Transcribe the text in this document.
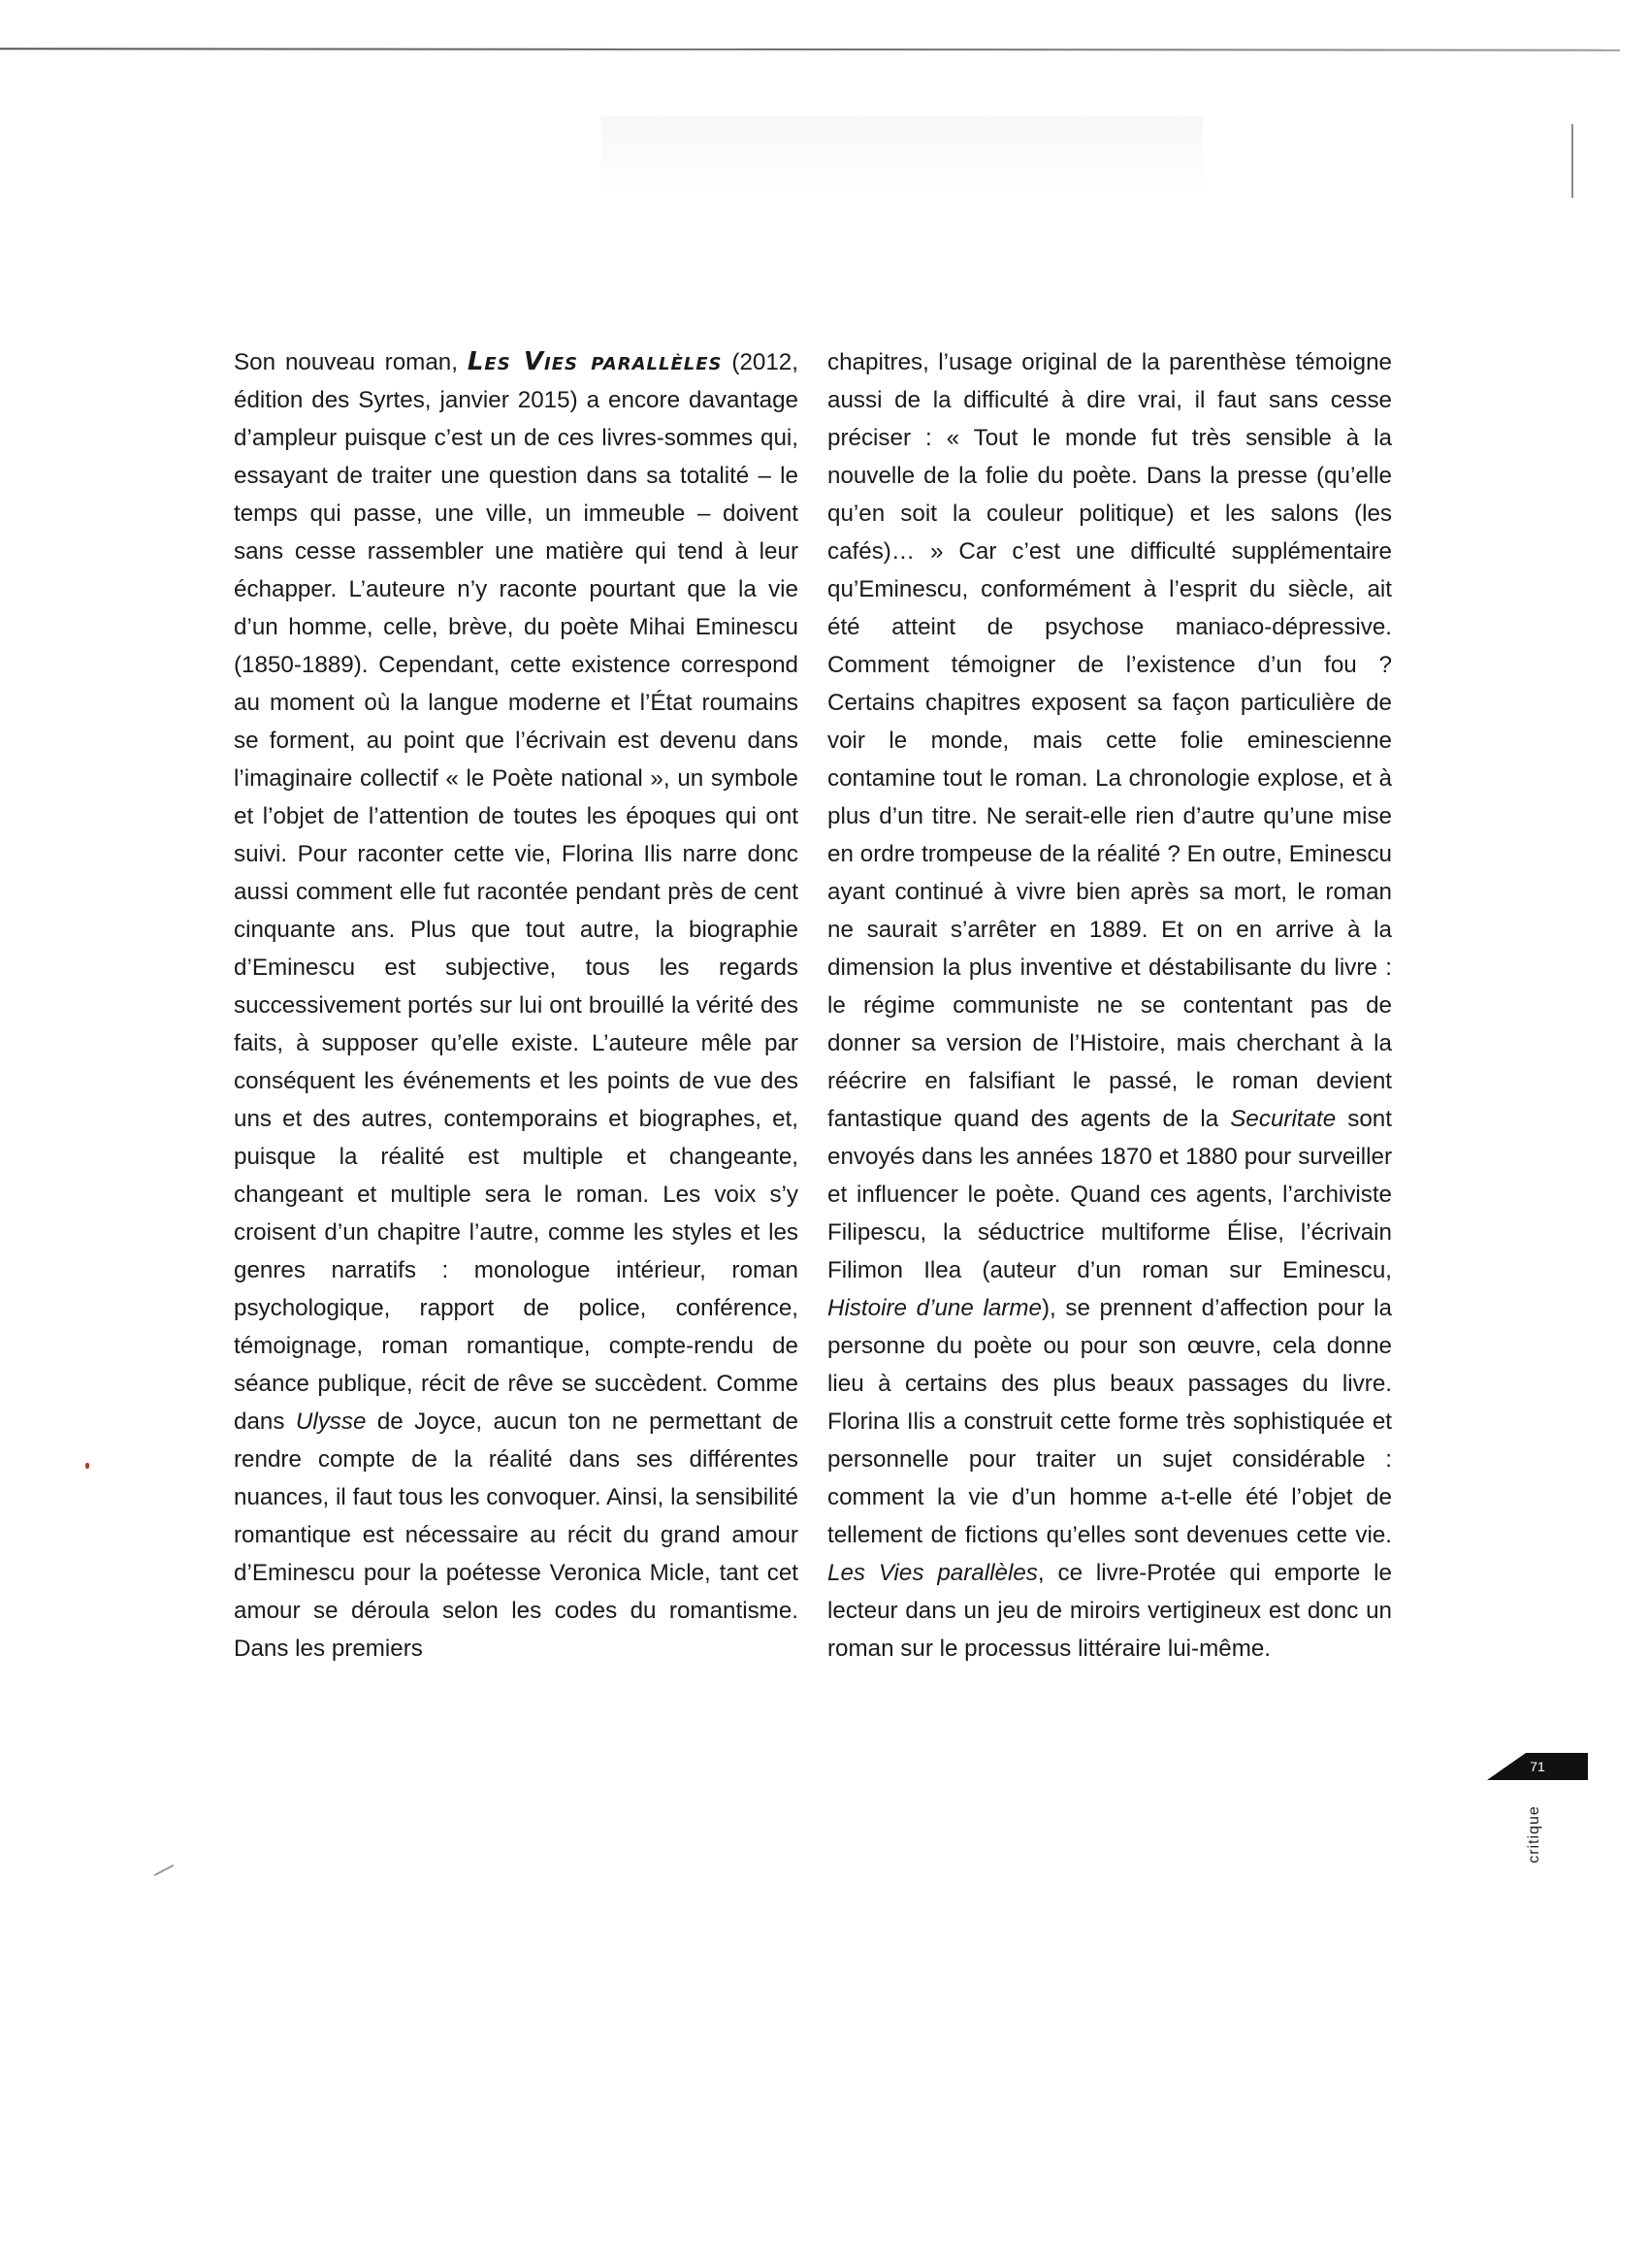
Son nouveau roman, Les Vies parallèles (2012, édition des Syrtes, janvier 2015) a encore davantage d’ampleur puisque c’est un de ces livres-sommes qui, essayant de traiter une question dans sa totalité – le temps qui passe, une ville, un immeuble – doivent sans cesse rassembler une matière qui tend à leur échapper. L’auteure n’y raconte pourtant que la vie d’un homme, celle, brève, du poète Mihai Eminescu (1850-1889). Cependant, cette existence correspond au moment où la langue moderne et l’État roumains se forment, au point que l’écrivain est devenu dans l’imaginaire collectif « le Poète national », un symbole et l’objet de l’attention de toutes les époques qui ont suivi. Pour raconter cette vie, Florina Ilis narre donc aussi comment elle fut racontée pendant près de cent cinquante ans. Plus que tout autre, la biographie d’Eminescu est subjective, tous les regards successivement portés sur lui ont brouillé la vérité des faits, à supposer qu’elle existe. L’auteure mêle par conséquent les événements et les points de vue des uns et des autres, contemporains et biographes, et, puisque la réalité est multiple et changeante, changeant et multiple sera le roman. Les voix s’y croisent d’un chapitre l’autre, comme les styles et les genres narratifs : monologue intérieur, roman psychologique, rapport de police, conférence, témoignage, roman romantique, compte-rendu de séance publique, récit de rêve se succèdent. Comme dans Ulysse de Joyce, aucun ton ne permettant de rendre compte de la réalité dans ses différentes nuances, il faut tous les convoquer. Ainsi, la sensibilité romantique est nécessaire au récit du grand amour d’Eminescu pour la poétesse Veronica Micle, tant cet amour se déroula selon les codes du romantisme. Dans les premiers

chapitres, l’usage original de la parenthèse témoigne aussi de la difficulté à dire vrai, il faut sans cesse préciser : « Tout le monde fut très sensible à la nouvelle de la folie du poète. Dans la presse (qu’elle qu’en soit la couleur politique) et les salons (les cafés)… » Car c’est une difficulté supplémentaire qu’Eminescu, conformément à l’esprit du siècle, ait été atteint de psychose maniaco-dépressive. Comment témoigner de l’existence d’un fou ? Certains chapitres exposent sa façon particulière de voir le monde, mais cette folie eminescienne contamine tout le roman. La chronologie explose, et à plus d’un titre. Ne serait-elle rien d’autre qu’une mise en ordre trompeuse de la réalité ? En outre, Eminescu ayant continué à vivre bien après sa mort, le roman ne saurait s’arrêter en 1889. Et on en arrive à la dimension la plus inventive et déstabilisante du livre : le régime communiste ne se contentant pas de donner sa version de l’Histoire, mais cherchant à la réécrire en falsifiant le passé, le roman devient fantastique quand des agents de la Securitate sont envoyés dans les années 1870 et 1880 pour surveiller et influencer le poète. Quand ces agents, l’archiviste Filipescu, la séductrice multiforme Élise, l’écrivain Filimon Ilea (auteur d’un roman sur Eminescu, Histoire d’une larme), se prennent d’affection pour la personne du poète ou pour son œuvre, cela donne lieu à certains des plus beaux passages du livre. Florina Ilis a construit cette forme très sophistiquée et personnelle pour traiter un sujet considérable : comment la vie d’un homme a-t-elle été l’objet de tellement de fictions qu’elles sont devenues cette vie. Les Vies parallèles, ce livre-Protée qui emporte le lecteur dans un jeu de miroirs vertigineux est donc un roman sur le processus littéraire lui-même.

71
critique
